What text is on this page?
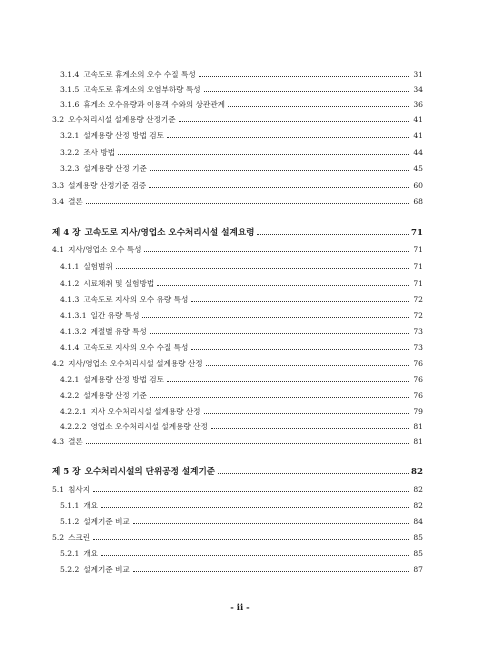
3.1.4 고속도로 휴게소의 오수 수질 특성	31
3.1.5 고속도로 휴게소의 오염부하량 특성	34
3.1.6 휴게소 오수유량과 이용객 수와의 상관관계	36
3.2 오수처리시설 설계용량 산정기준	41
3.2.1 설계용량 산정 방법 검토	41
3.2.2 조사 방법	44
3.2.3 설계용량 산정 기준	45
3.3 설계용량 산정기준 검증	60
3.4 결론	68
제 4 장 고속도로 지사/영업소 오수처리시설 설계요령	71
4.1 지사/영업소 오수 특성	71
4.1.1 실험범위	71
4.1.2 시료채취 및 실험방법	71
4.1.3 고속도로 지사의 오수 유량 특성	72
4.1.3.1 일간 유량 특성	72
4.1.3.2 계절별 유량 특성	73
4.1.4 고속도로 지사의 오수 수질 특성	73
4.2 지사/영업소 오수처리시설 설계용량 산정	76
4.2.1 설계용량 산정 방법 검토	76
4.2.2 설계용량 산정 기준	76
4.2.2.1 지사 오수처리시설 설계용량 산정	79
4.2.2.2 영업소 오수처리시설 설계용량 산정	81
4.3 결론	81
제 5 장 오수처리시설의 단위공정 설계기준	82
5.1 침사지	82
5.1.1 개요	82
5.1.2 설계기준 비교	84
5.2 스크린	85
5.2.1 개요	85
5.2.2 설계기준 비교	87
- ii -
